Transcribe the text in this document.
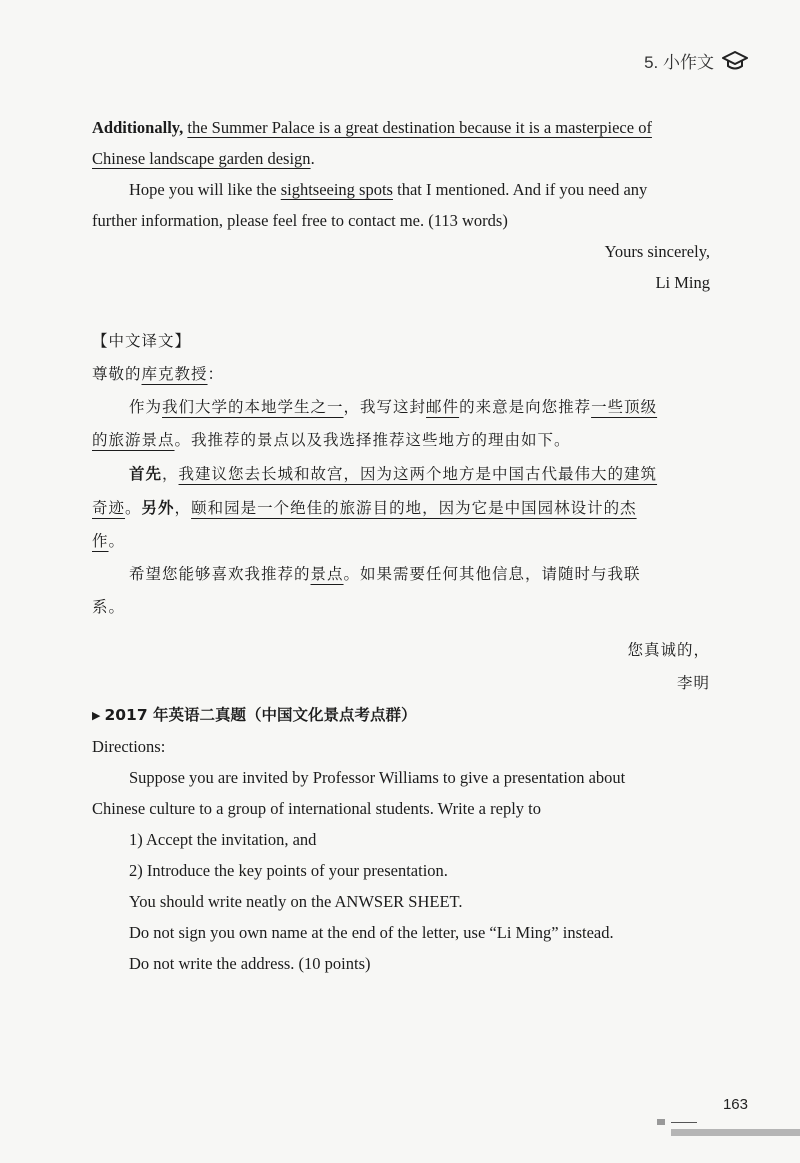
5. 小作文

Additionally, the Summer Palace is a great destination because it is a masterpiece of
Chinese landscape garden design.

Hope you will like the sightseeing spots that I mentioned. And if you need any
further information, please feel free to contact me. (113 words)

Yours sincerely,

Li Ming

【中文译文】

尊敬的库克教授：

作为我们大学的本地学生之一，我写这封邮件的来意是向您推荐一些顶级
的旅游景点。我推荐的景点以及我选择推荐这些地方的理由如下。

首先，我建议您去长城和故宫，因为这两个地方是中国古代最伟大的建筑
奇迹。另外，颐和园是一个绝佳的旅游目的地，因为它是中国园林设计的杰
作。

希望您能够喜欢我推荐的景点。如果需要任何其他信息，请随时与我联
系。

您真诚的，

李明

▶ 2017 年英语二真题（中国文化景点考点群）

Directions:

Suppose you are invited by Professor Williams to give a presentation about
Chinese culture to a group of international students. Write a reply to

1) Accept the invitation, and

2) Introduce the key points of your presentation.

You should write neatly on the ANWSER SHEET.

Do not sign you own name at the end of the letter, use “Li Ming” instead.

Do not write the address. (10 points)

163
